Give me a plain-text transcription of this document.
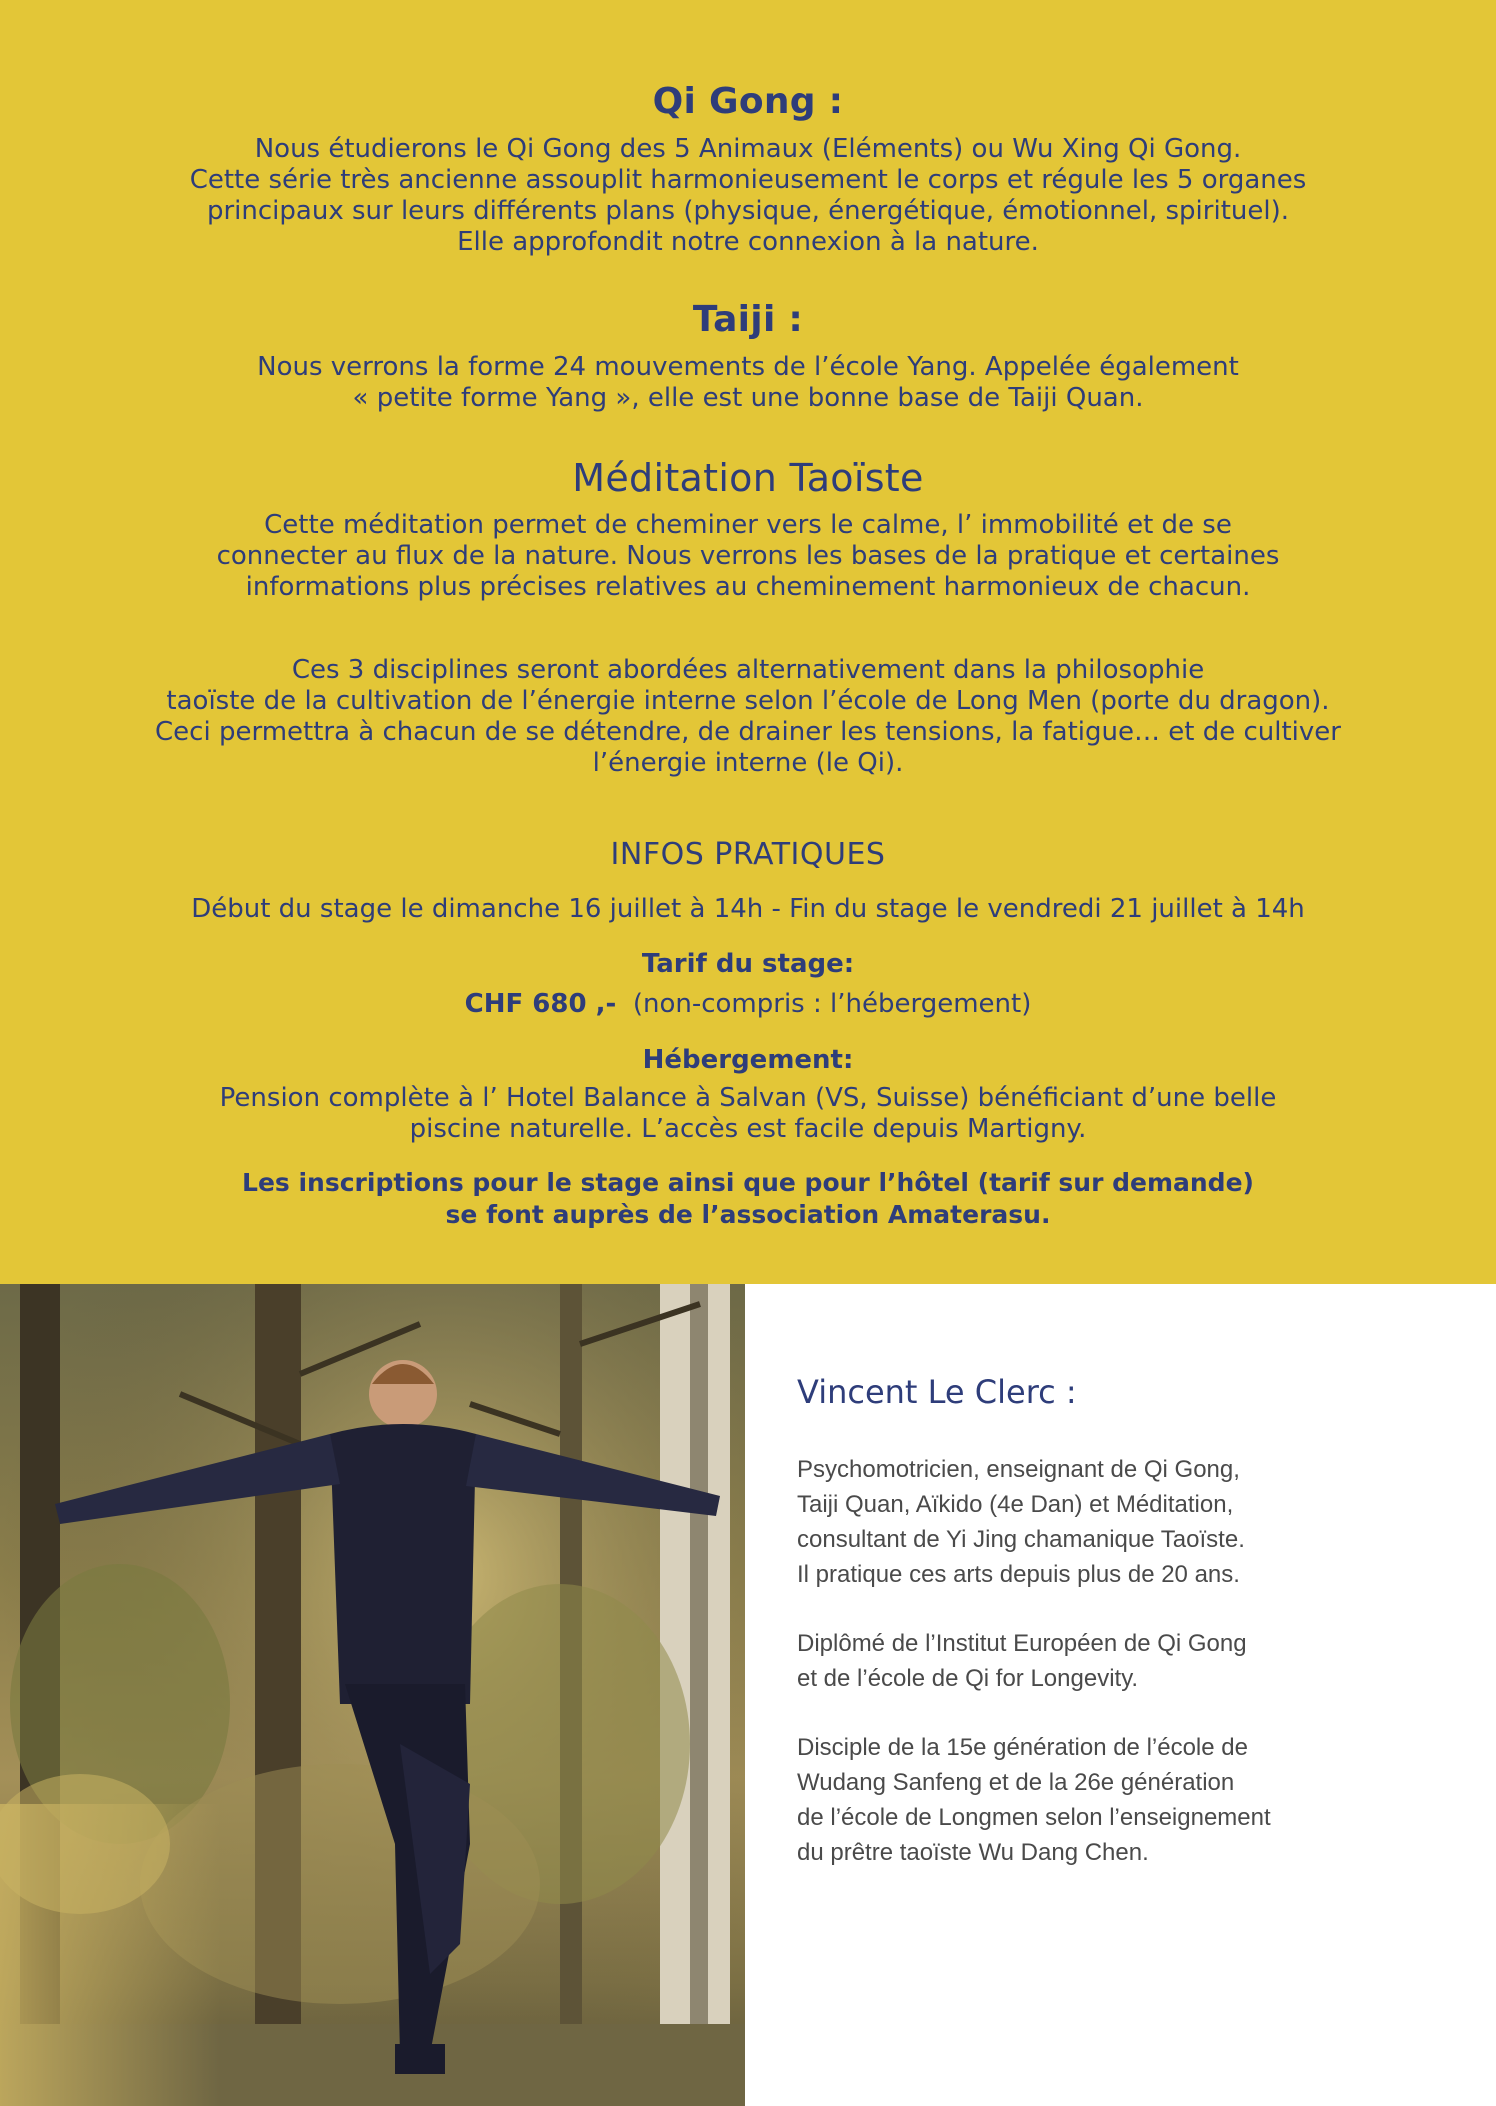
Qi Gong :
Nous étudierons le Qi Gong des 5 Animaux (Eléments) ou Wu Xing Qi Gong.
Cette série très ancienne assouplit harmonieusement le corps et régule les 5 organes
principaux sur leurs différents plans (physique, énergétique, émotionnel, spirituel).
Elle approfondit notre connexion à la nature.
Taiji :
Nous verrons la forme 24 mouvements de l’école Yang. Appelée également
« petite forme Yang », elle est une bonne base de Taiji Quan.
Méditation Taoïste
Cette méditation permet de cheminer vers le calme, l’ immobilité et de se
connecter au flux de la nature. Nous verrons les bases de la pratique et certaines
informations plus précises relatives au cheminement harmonieux de chacun.
Ces 3 disciplines seront abordées alternativement dans la philosophie
taoïste de la cultivation de l’énergie interne selon l’école de Long Men (porte du dragon).
Ceci permettra à chacun de se détendre, de drainer les tensions, la fatigue… et de cultiver
l’énergie interne (le Qi).
INFOS PRATIQUES
Début du stage le dimanche 16 juillet à 14h - Fin du stage le vendredi 21 juillet à 14h
Tarif du stage:
CHF 680 ,- (non-compris : l’hébergement)
Hébergement:
Pension complète à l’ Hotel Balance à Salvan (VS, Suisse) bénéficiant d’une belle
piscine naturelle. L’accès est facile depuis Martigny.
Les inscriptions pour le stage ainsi que pour l’hôtel (tarif sur demande)
se font auprès de l’association Amaterasu.
Vincent Le Clerc :
Psychomotricien, enseignant de Qi Gong,
Taiji Quan, Aïkido (4e Dan) et Méditation,
consultant de Yi Jing chamanique Taoïste.
Il pratique ces arts depuis plus de 20 ans.
Diplômé de l’Institut Européen de Qi Gong
et de l’école de Qi for Longevity.
Disciple de la 15e génération de l’école de
Wudang Sanfeng et de la 26e génération
de l’école de Longmen selon l’enseignement
du prêtre taoïste Wu Dang Chen.
